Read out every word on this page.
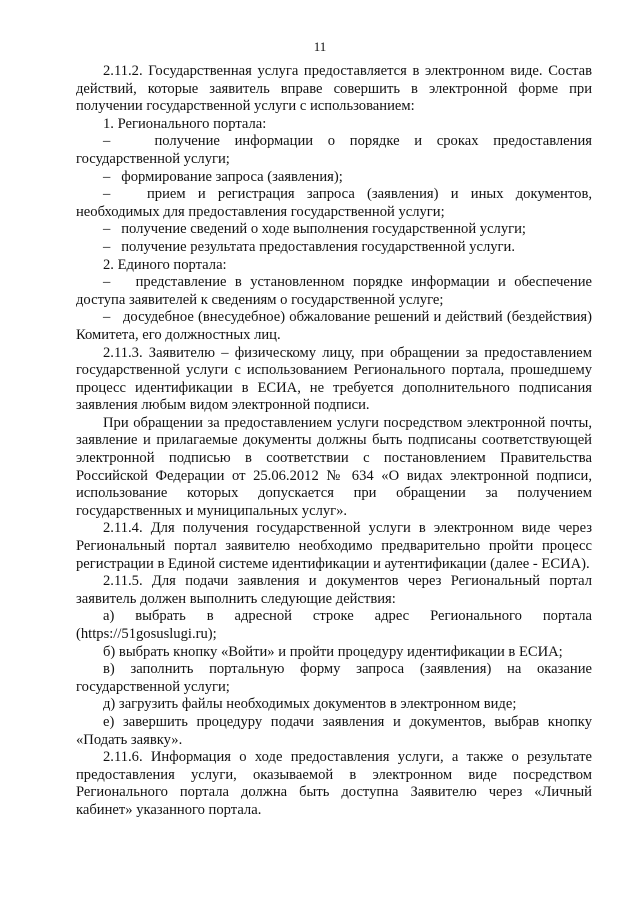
11

2.11.2. Государственная услуга предоставляется в электронном виде. Состав действий, которые заявитель вправе совершить в электронной форме при получении государственной услуги с использованием:

1. Регионального портала:

–   получение информации о порядке и сроках предоставления государственной услуги;

–   формирование запроса (заявления);

–   прием и регистрация запроса (заявления) и иных документов, необходимых для предоставления государственной услуги;

–   получение сведений о ходе выполнения государственной услуги;

–   получение результата предоставления государственной услуги.

2. Единого портала:

–   представление в установленном порядке информации и обеспечение доступа заявителей к сведениям о государственной услуге;

–   досудебное (внесудебное) обжалование решений и действий (бездействия) Комитета, его должностных лиц.

2.11.3. Заявителю – физическому лицу, при обращении за предоставлением государственной услуги с использованием Регионального портала, прошедшему процесс идентификации в ЕСИА, не требуется дополнительного подписания заявления любым видом электронной подписи.

При обращении за предоставлением услуги посредством электронной почты, заявление и прилагаемые документы должны быть подписаны соответствующей электронной подписью в соответствии с постановлением Правительства Российской Федерации от 25.06.2012 № 634 «О видах электронной подписи, использование которых допускается при обращении за получением государственных и муниципальных услуг».

2.11.4. Для получения государственной услуги в электронном виде через Региональный портал заявителю необходимо предварительно пройти процесс регистрации в Единой системе идентификации и аутентификации (далее - ЕСИА).

2.11.5. Для подачи заявления и документов через Региональный портал заявитель должен выполнить следующие действия:

а) выбрать в адресной строке адрес Регионального портала (https://51gosuslugi.ru);

б) выбрать кнопку «Войти» и пройти процедуру идентификации в ЕСИА;

в) заполнить портальную форму запроса (заявления) на оказание государственной услуги;

д) загрузить файлы необходимых документов в электронном виде;

е) завершить процедуру подачи заявления и документов, выбрав кнопку «Подать заявку».

2.11.6. Информация о ходе предоставления услуги, а также о результате предоставления услуги, оказываемой в электронном виде посредством Регионального портала должна быть доступна Заявителю через «Личный кабинет» указанного портала.
